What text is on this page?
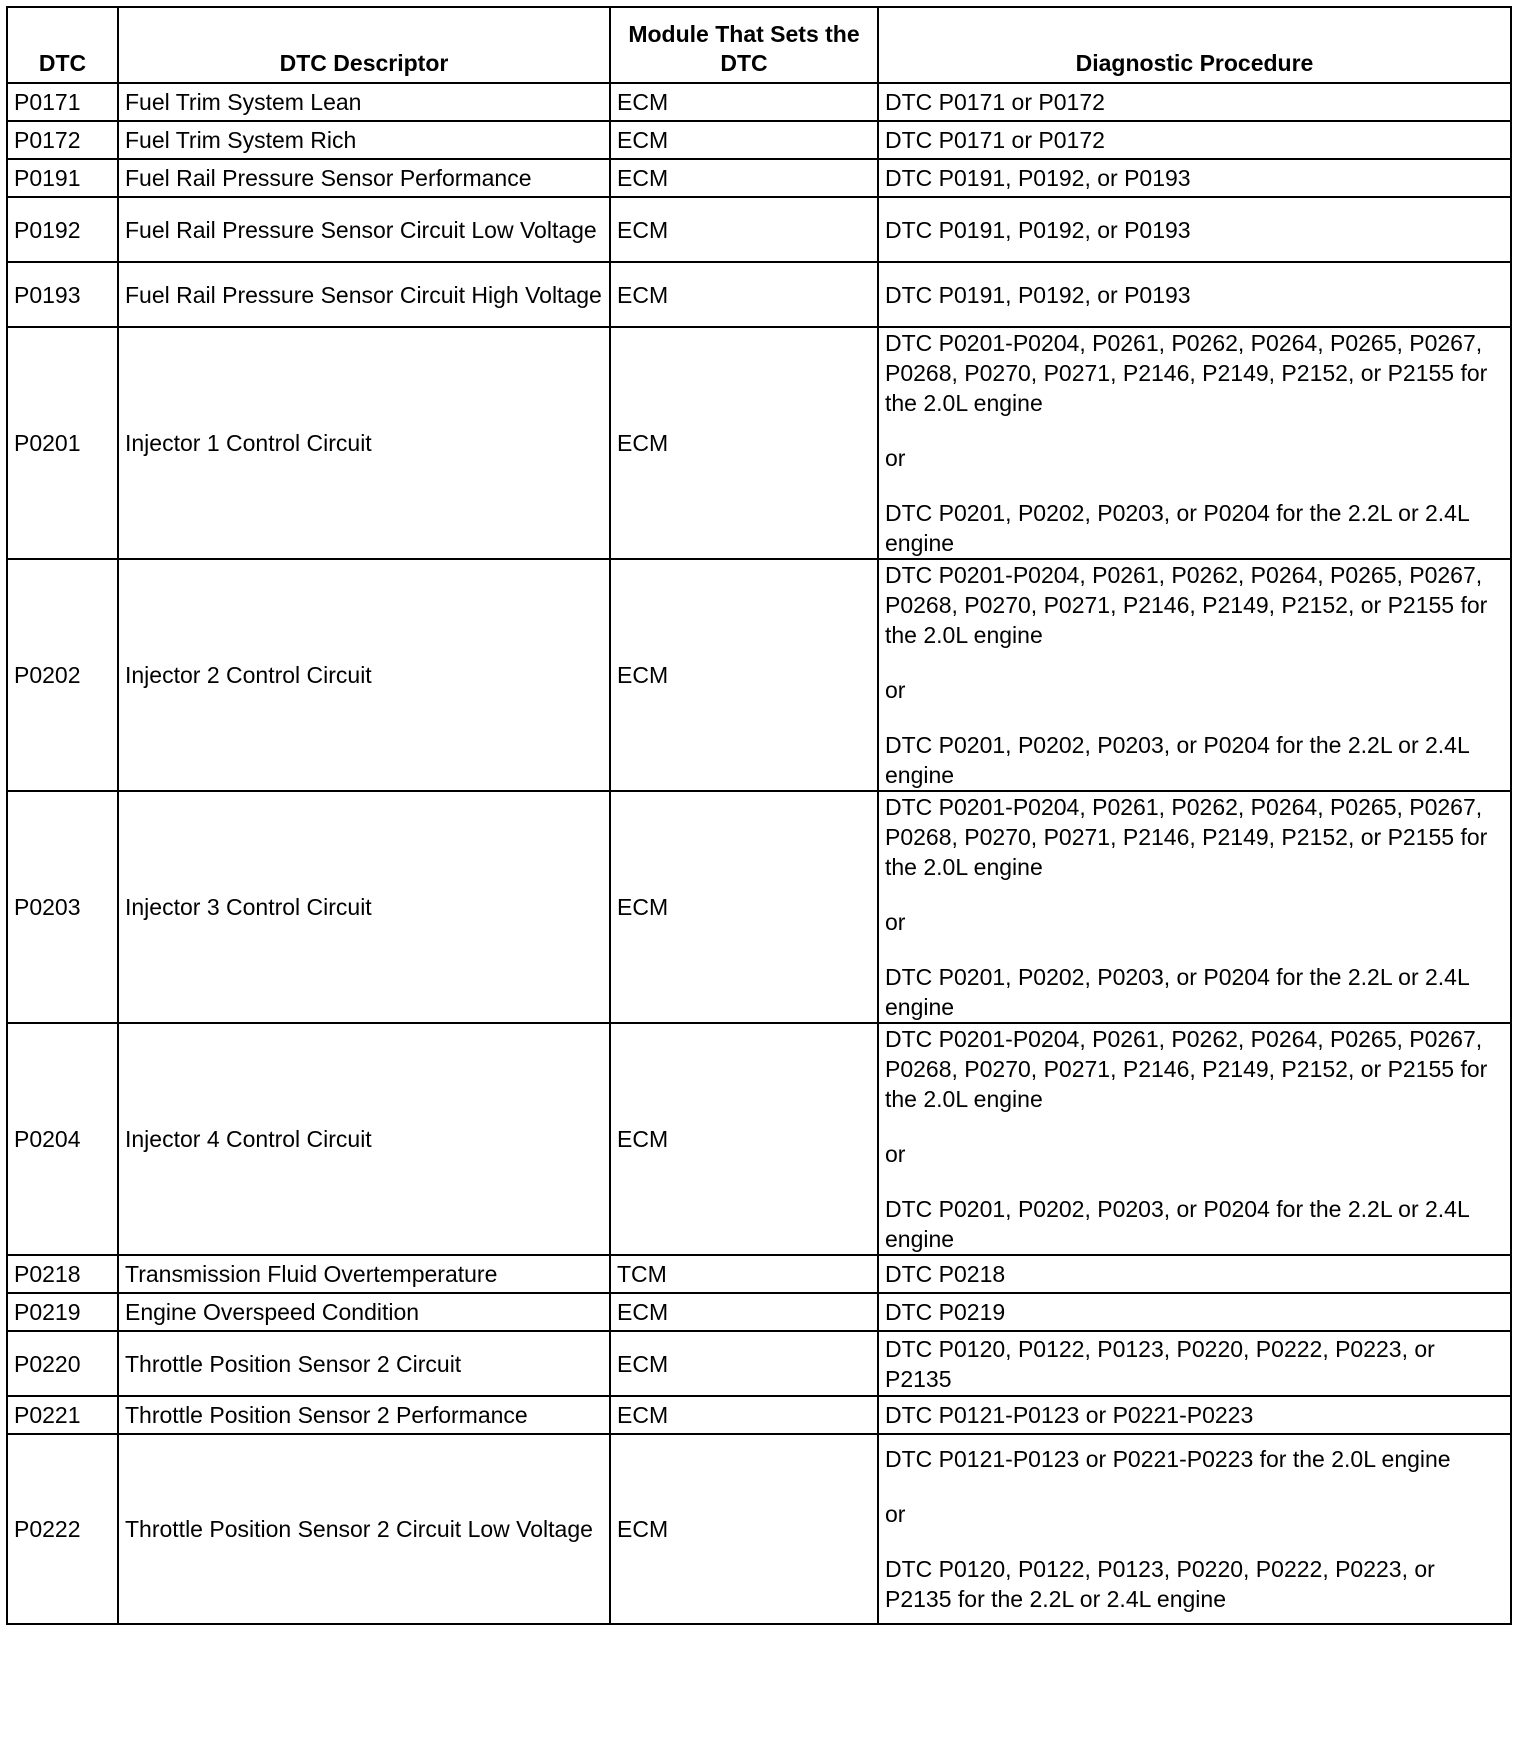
DTC	DTC Descriptor	Module That Sets the DTC	Diagnostic Procedure
P0171	Fuel Trim System Lean	ECM	DTC P0171 or P0172

P0172	Fuel Trim System Rich	ECM	DTC P0171 or P0172

P0191	Fuel Rail Pressure Sensor Performance	ECM	DTC P0191, P0192, or P0193

P0192	Fuel Rail Pressure Sensor Circuit Low Voltage	ECM	DTC P0191, P0192, or P0193

P0193	Fuel Rail Pressure Sensor Circuit High Voltage	ECM	DTC P0191, P0192, or P0193

P0201	Injector 1 Control Circuit	ECM	DTC P0201-P0204, P0261, P0262, P0264, P0265, P0267, P0268, P0270, P0271, P2146, P2149, P2152, or P2155 for the 2.0L engine
or
DTC P0201, P0202, P0203, or P0204 for the 2.2L or 2.4L engine

P0202	Injector 2 Control Circuit	ECM	DTC P0201-P0204, P0261, P0262, P0264, P0265, P0267, P0268, P0270, P0271, P2146, P2149, P2152, or P2155 for the 2.0L engine
or
DTC P0201, P0202, P0203, or P0204 for the 2.2L or 2.4L engine

P0203	Injector 3 Control Circuit	ECM	DTC P0201-P0204, P0261, P0262, P0264, P0265, P0267, P0268, P0270, P0271, P2146, P2149, P2152, or P2155 for the 2.0L engine
or
DTC P0201, P0202, P0203, or P0204 for the 2.2L or 2.4L engine

P0204	Injector 4 Control Circuit	ECM	DTC P0201-P0204, P0261, P0262, P0264, P0265, P0267, P0268, P0270, P0271, P2146, P2149, P2152, or P2155 for the 2.0L engine
or
DTC P0201, P0202, P0203, or P0204 for the 2.2L or 2.4L engine

P0218	Transmission Fluid Overtemperature	TCM	DTC P0218

P0219	Engine Overspeed Condition	ECM	DTC P0219

P0220	Throttle Position Sensor 2 Circuit	ECM	DTC P0120, P0122, P0123, P0220, P0222, P0223, or P2135

P0221	Throttle Position Sensor 2 Performance	ECM	DTC P0121-P0123 or P0221-P0223

P0222	Throttle Position Sensor 2 Circuit Low Voltage	ECM	DTC P0121-P0123 or P0221-P0223 for the 2.0L engine
or
DTC P0120, P0122, P0123, P0220, P0222, P0223, or P2135 for the 2.2L or 2.4L engine
